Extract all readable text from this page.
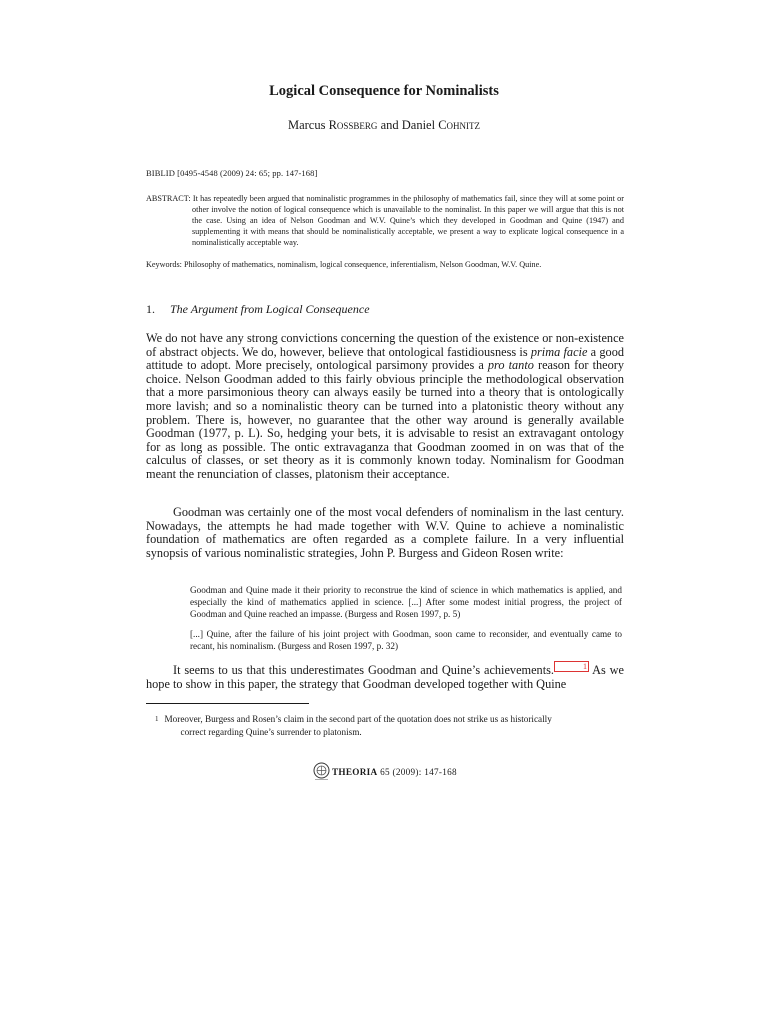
Logical Consequence for Nominalists
Marcus Rossberg and Daniel Cohnitz
BIBLID [0495-4548 (2009) 24: 65; pp. 147-168]
ABSTRACT: It has repeatedly been argued that nominalistic programmes in the philosophy of mathematics fail, since they will at some point or other involve the notion of logical consequence which is unavailable to the nominalist. In this paper we will argue that this is not the case. Using an idea of Nelson Goodman and W.V. Quine’s which they developed in Goodman and Quine (1947) and supplementing it with means that should be nominalistically acceptable, we present a way to explicate logical consequence in a nominalistically acceptable way.
Keywords: Philosophy of mathematics, nominalism, logical consequence, inferentialism, Nelson Goodman, W.V. Quine.
1. The Argument from Logical Consequence

We do not have any strong convictions concerning the question of the existence or non-existence of abstract objects. We do, however, believe that ontological fastidiousness is prima facie a good attitude to adopt. More precisely, ontological parsimony provides a pro tanto reason for theory choice. Nelson Goodman added to this fairly obvious principle the methodological observation that a more parsimonious theory can always easily be turned into a theory that is ontologically more lavish; and so a nominalistic theory can be turned into a platonistic theory without any problem. There is, however, no guarantee that the other way around is generally available Goodman (1977, p. L). So, hedging your bets, it is advisable to resist an extravagant ontology for as long as possible. The ontic extravaganza that Goodman zoomed in on was that of the calculus of classes, or set theory as it is commonly known today. Nominalism for Goodman meant the renunciation of classes, platonism their acceptance.

Goodman was certainly one of the most vocal defenders of nominalism in the last century. Nowadays, the attempts he had made together with W.V. Quine to achieve a nominalistic foundation of mathematics are often regarded as a complete failure. In a very influential synopsis of various nominalistic strategies, John P. Burgess and Gideon Rosen write:

Goodman and Quine made it their priority to reconstrue the kind of science in which mathematics is applied, and especially the kind of mathematics applied in science. [...] After some modest initial progress, the project of Goodman and Quine reached an impasse. (Burgess and Rosen 1997, p. 5)
[...] Quine, after the failure of his joint project with Goodman, soon came to reconsider, and eventually came to recant, his nominalism. (Burgess and Rosen 1997, p. 32)

It seems to us that this underestimates Goodman and Quine’s achievements.	1 As we hope to show in this paper, the strategy that Goodman developed together with Quine

$^1$ Moreover, Burgess and Rosen’s claim in the second part of the quotation does not strike us as historically
correct regarding Quine’s surrender to platonism.
THEORIA 65 (2009): 147-168
